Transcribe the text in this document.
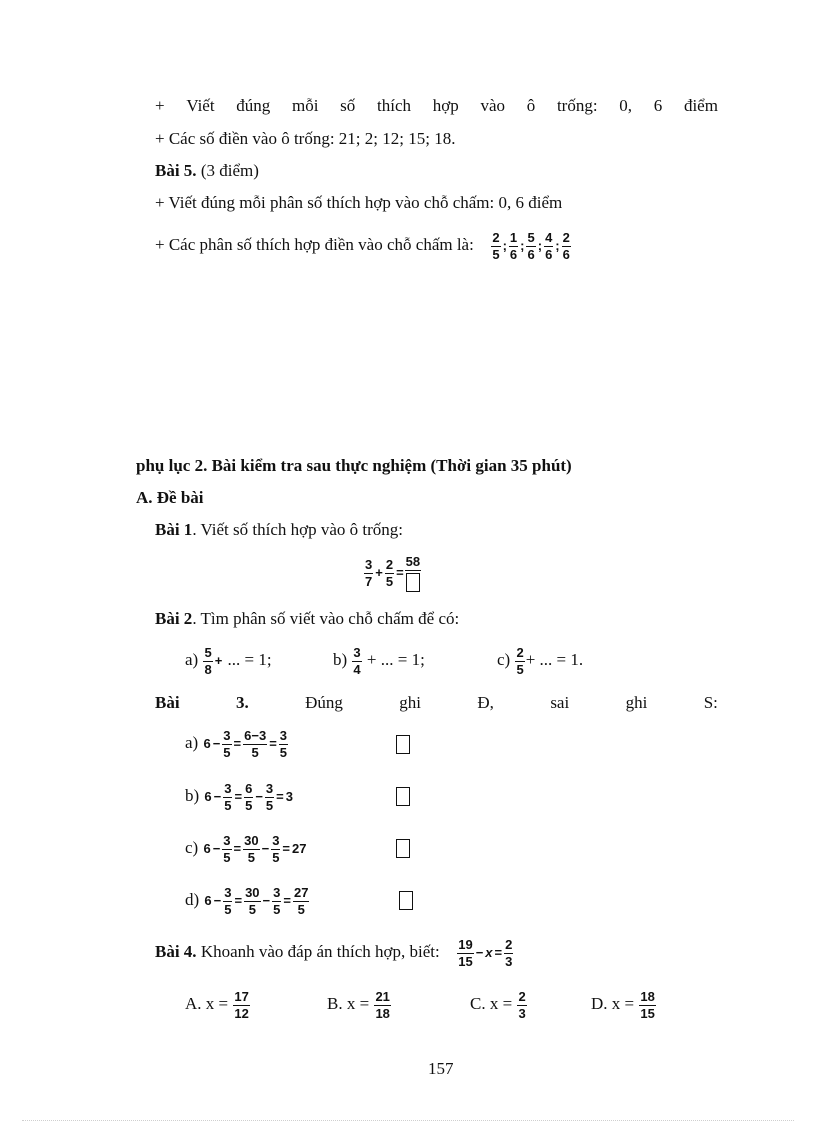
+ Viết đúng mỗi số thích hợp vào ô trống: 0, 6 điểm
+ Các số điền vào ô trống: 21; 2; 12; 15; 18.
Bài 5. (3 điểm)
+ Viết đúng mỗi phân số thích hợp vào chỗ chấm: 0, 6 điểm
+ Các phân số thích hợp điền vào chỗ chấm là: $\frac{2}{5}$ ; $\frac{1}{6}$ ; $\frac{5}{6}$ ; $\frac{4}{6}$ ; $\frac{2}{6}$
phụ lục 2. Bài kiểm tra sau thực nghiệm (Thời gian 35 phút)
A. Đề bài
Bài 1. Viết số thích hợp vào ô trống:
$\frac{3}{7} + \frac{2}{5}$ =
58
Bài 2. Tìm phân số viết vào chỗ chấm để có:
$a) \frac{5}{8}$ + ... = 1;	$b) \frac{3}{4}$ + ... = 1;	$c) \frac{2}{5}$ + ... = 1.
Bài	3.	Đúng	ghi	Đ,	sai	ghi	S:
a) $6 - \frac{3}{5} = \frac{6-3}{5} = \frac{3}{5}$
b) $6 - \frac{3}{5} = \frac{6}{5} - \frac{3}{5} = 3$
c) $6 - \frac{3}{5} = \frac{30}{5} - \frac{3}{5} = 27$
d) $6 - \frac{3}{5} = \frac{30}{5} - \frac{3}{5} = \frac{27}{5}$
Bài 4. Khoanh vào đáp án thích hợp, biết: $\frac{19}{15} - x = \frac{2}{3}$
A. $x = \frac{17}{12}$	B. $x = \frac{21}{18}$	C. $x = \frac{2}{3}$	D. $x = \frac{18}{15}$
157
